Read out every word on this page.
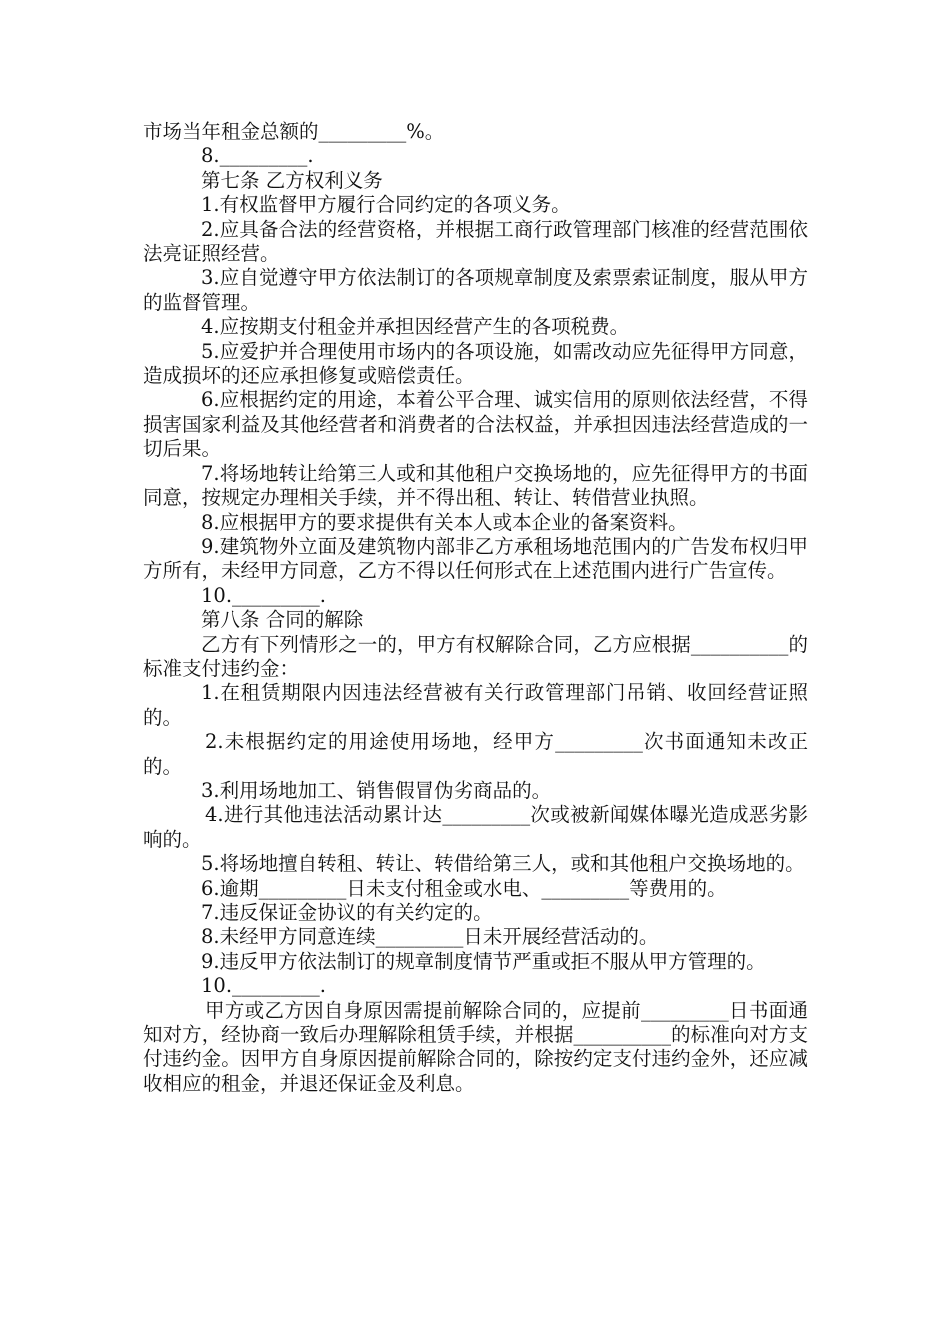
市场当年租金总额的_________%。

8._________.

第七条 乙方权利义务

1.有权监督甲方履行合同约定的各项义务。

2.应具备合法的经营资格，并根据工商行政管理部门核准的经营范围依法亮证照经营。

3.应自觉遵守甲方依法制订的各项规章制度及索票索证制度，服从甲方的监督管理。

4.应按期支付租金并承担因经营产生的各项税费。

5.应爱护并合理使用市场内的各项设施，如需改动应先征得甲方同意，造成损坏的还应承担修复或赔偿责任。

6.应根据约定的用途，本着公平合理、诚实信用的原则依法经营，不得损害国家利益及其他经营者和消费者的合法权益，并承担因违法经营造成的一切后果。

7.将场地转让给第三人或和其他租户交换场地的，应先征得甲方的书面同意，按规定办理相关手续，并不得出租、转让、转借营业执照。

8.应根据甲方的要求提供有关本人或本企业的备案资料。

9.建筑物外立面及建筑物内部非乙方承租场地范围内的广告发布权归甲方所有，未经甲方同意，乙方不得以任何形式在上述范围内进行广告宣传。

10._________.

第八条 合同的解除

乙方有下列情形之一的，甲方有权解除合同，乙方应根据__________的标准支付违约金：

1.在租赁期限内因违法经营被有关行政管理部门吊销、收回经营证照的。

2.未根据约定的用途使用场地，经甲方_________次书面通知未改正的。

3.利用场地加工、销售假冒伪劣商品的。

4.进行其他违法活动累计达_________次或被新闻媒体曝光造成恶劣影响的。

5.将场地擅自转租、转让、转借给第三人，或和其他租户交换场地的。

6.逾期_________日未支付租金或水电、_________等费用的。

7.违反保证金协议的有关约定的。

8.未经甲方同意连续_________日未开展经营活动的。

9.违反甲方依法制订的规章制度情节严重或拒不服从甲方管理的。

10._________.

甲方或乙方因自身原因需提前解除合同的，应提前_________日书面通知对方，经协商一致后办理解除租赁手续，并根据__________的标准向对方支付违约金。因甲方自身原因提前解除合同的，除按约定支付违约金外，还应减收相应的租金，并退还保证金及利息。
